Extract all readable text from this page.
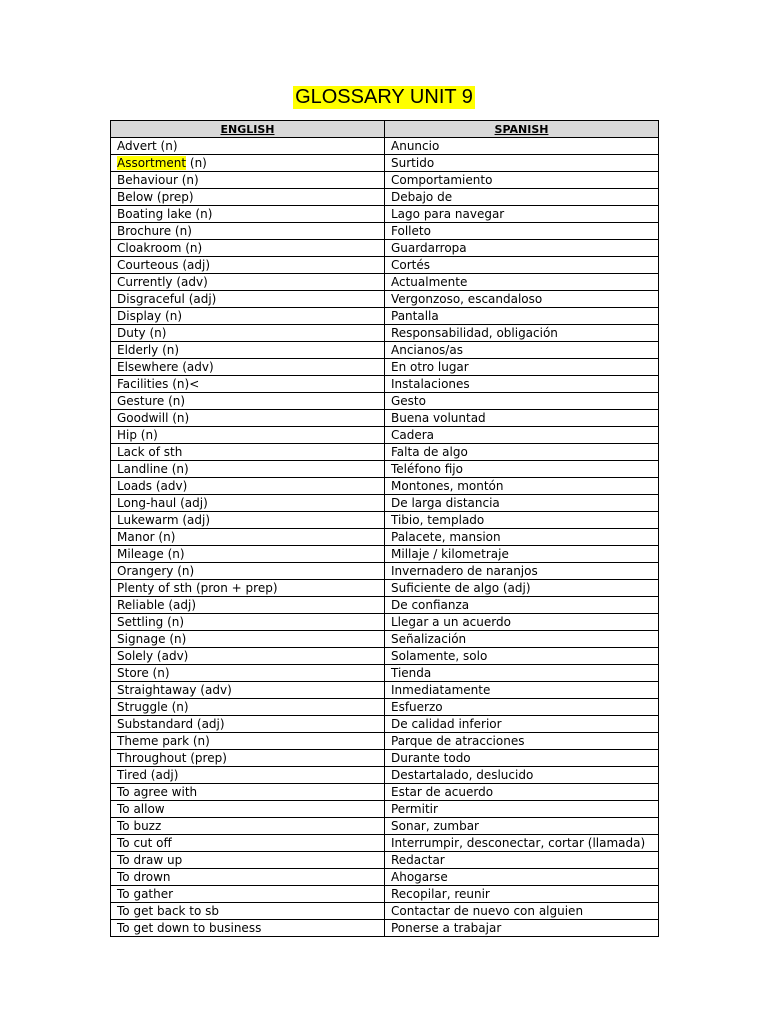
GLOSSARY UNIT 9
ENGLISH	SPANISH
Advert (n)	Anuncio
Assortment (n)	Surtido
Behaviour (n)	Comportamiento
Below (prep)	Debajo de
Boating lake (n)	Lago para navegar
Brochure (n)	Folleto
Cloakroom (n)	Guardarropa
Courteous (adj)	Cortés
Currently (adv)	Actualmente
Disgraceful (adj)	Vergonzoso, escandaloso
Display (n)	Pantalla
Duty (n)	Responsabilidad, obligación
Elderly (n)	Ancianos/as
Elsewhere (adv)	En otro lugar
Facilities (n)<	Instalaciones
Gesture (n)	Gesto
Goodwill (n)	Buena voluntad
Hip (n)	Cadera
Lack of sth	Falta de algo
Landline (n)	Teléfono fijo
Loads (adv)	Montones, montón
Long-haul (adj)	De larga distancia
Lukewarm (adj)	Tibio, templado
Manor (n)	Palacete, mansion
Mileage (n)	Millaje / kilometraje
Orangery (n)	Invernadero de naranjos
Plenty of sth (pron + prep)	Suficiente de algo (adj)
Reliable (adj)	De confianza
Settling (n)	Llegar a un acuerdo
Signage (n)	Señalización
Solely (adv)	Solamente, solo
Store (n)	Tienda
Straightaway (adv)	Inmediatamente
Struggle (n)	Esfuerzo
Substandard (adj)	De calidad inferior
Theme park (n)	Parque de atracciones
Throughout (prep)	Durante todo
Tired (adj)	Destartalado, deslucido
To agree with	Estar de acuerdo
To allow	Permitir
To buzz	Sonar, zumbar
To cut off	Interrumpir, desconectar, cortar (llamada)
To draw up	Redactar
To drown	Ahogarse
To gather	Recopilar, reunir
To get back to sb	Contactar de nuevo con alguien
To get down to business	Ponerse a trabajar
